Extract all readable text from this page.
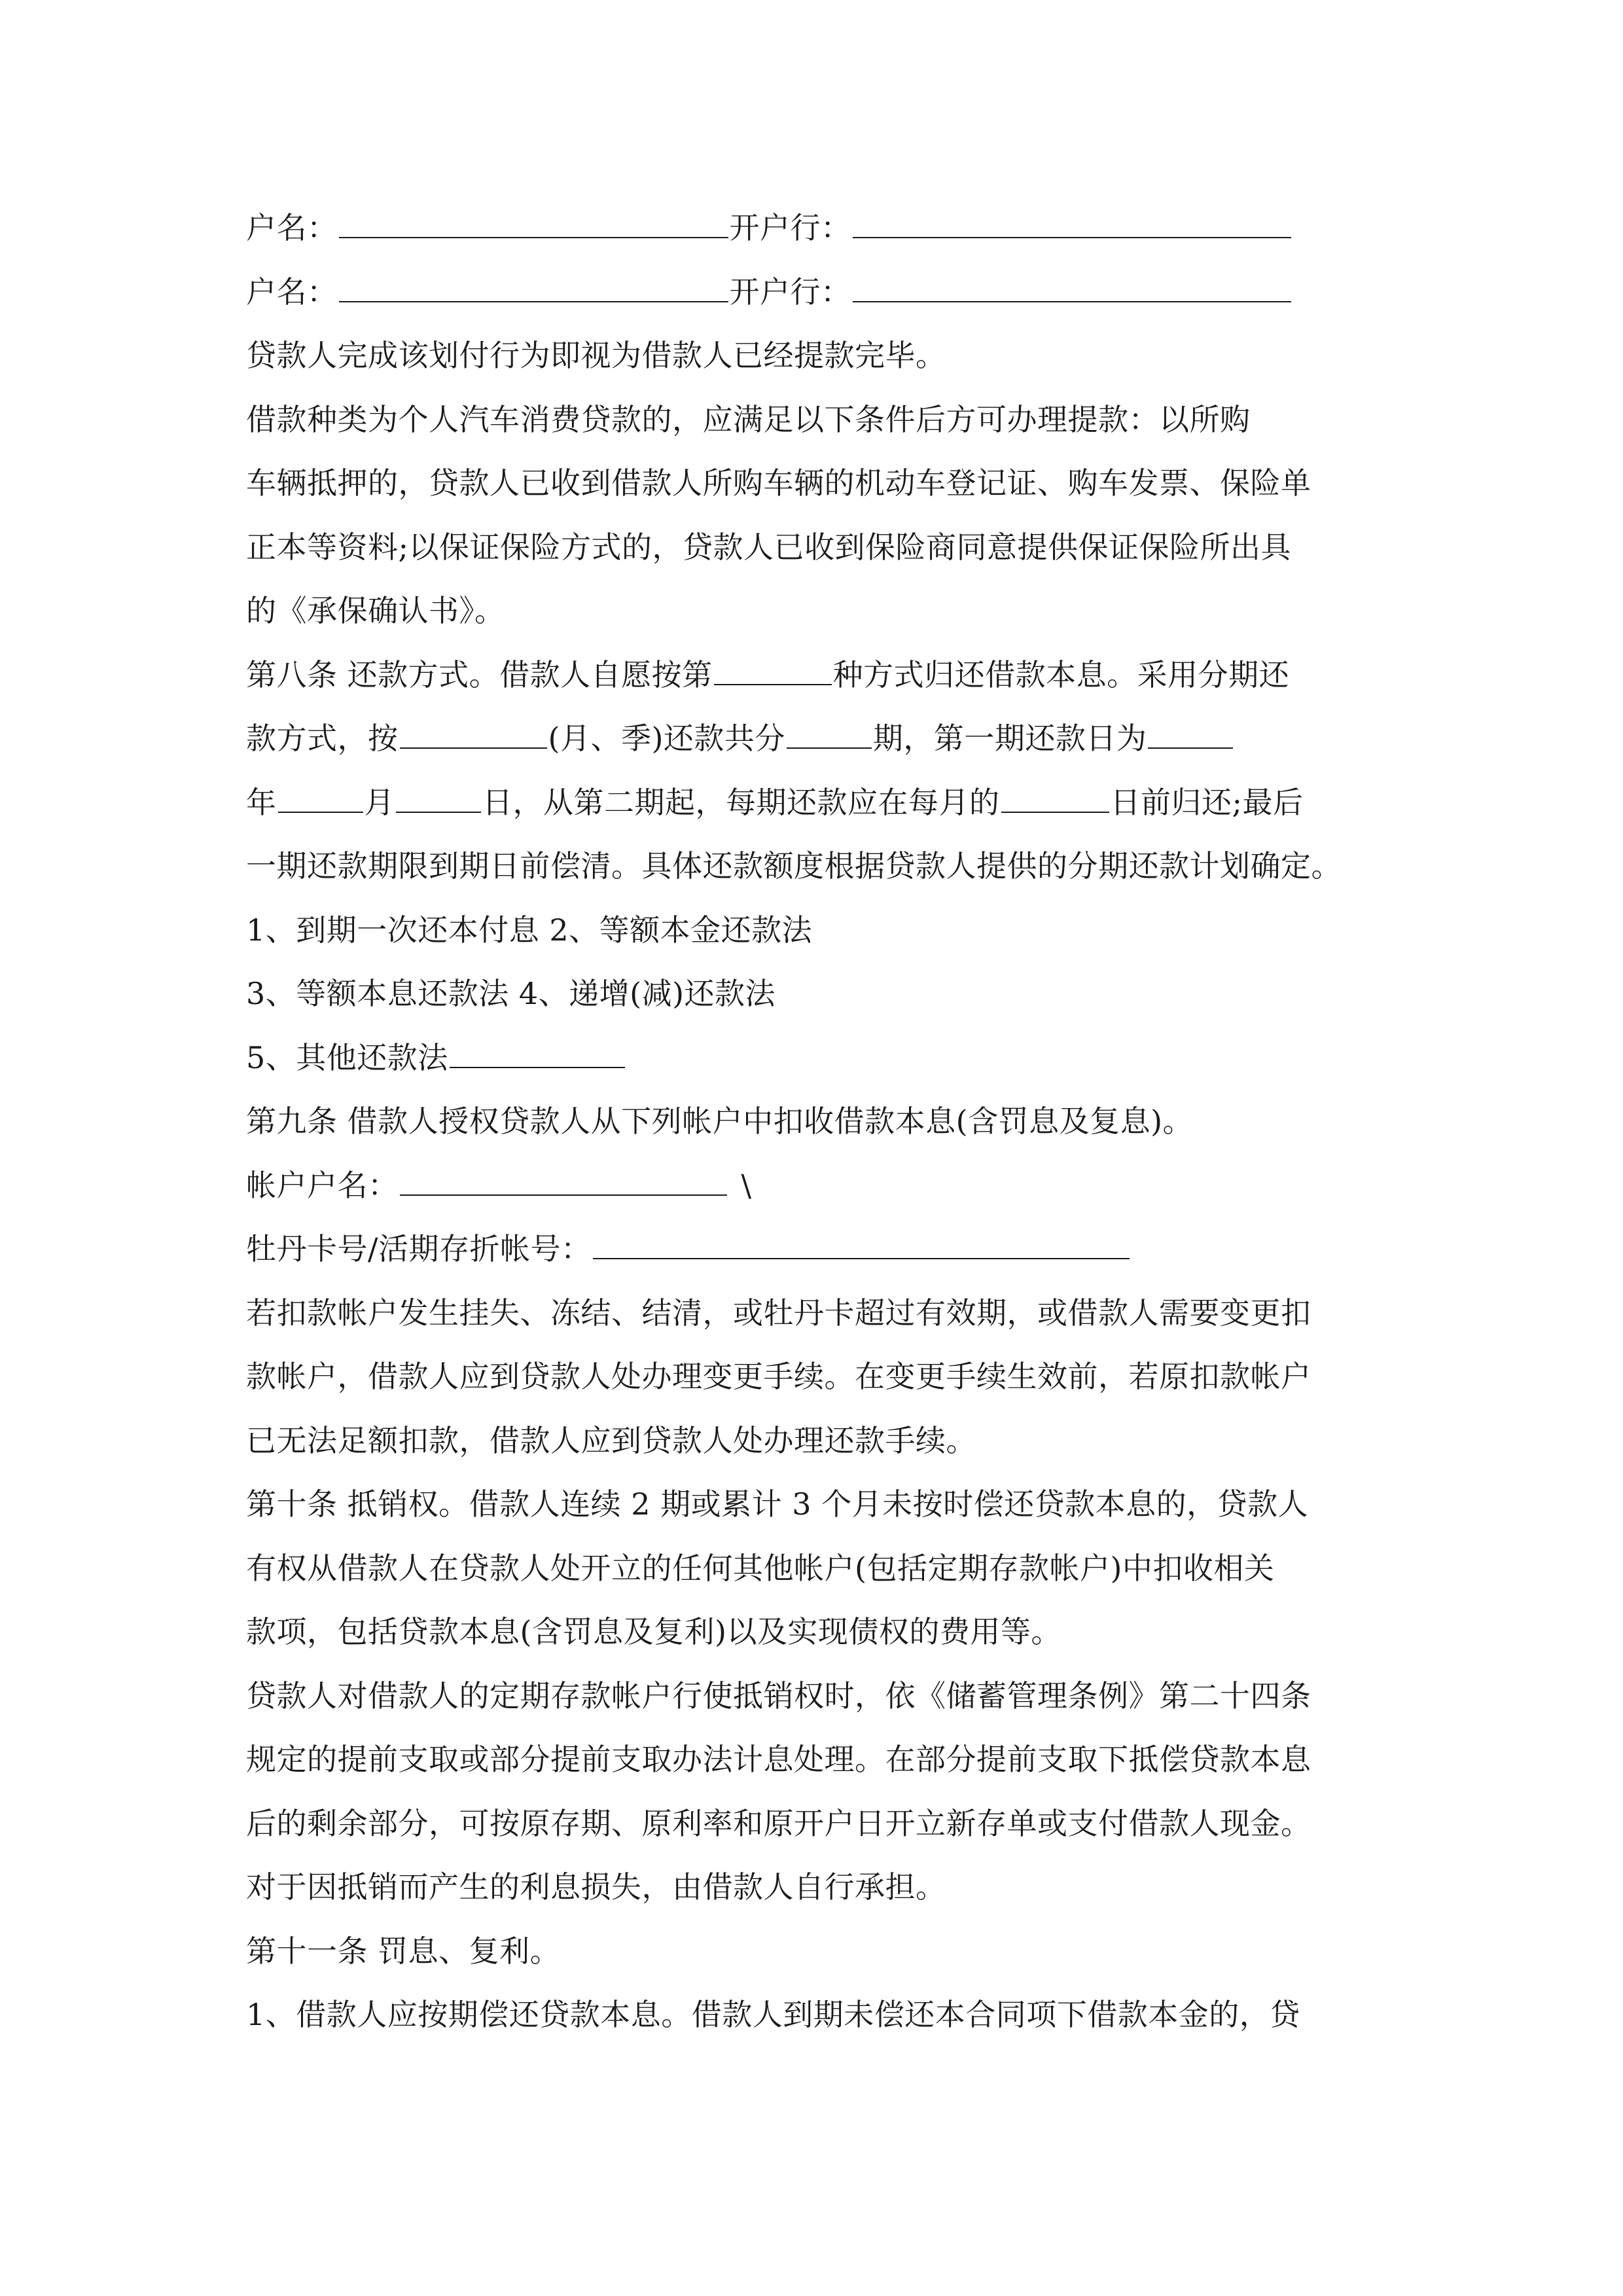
户名：	开户行：
户名：	开户行：
贷款人完成该划付行为即视为借款人已经提款完毕。
借款种类为个人汽车消费贷款的，应满足以下条件后方可办理提款：以所购
车辆抵押的，贷款人已收到借款人所购车辆的机动车登记证、购车发票、保险单
正本等资料;以保证保险方式的，贷款人已收到保险商同意提供保证保险所出具
的《承保确认书》。
第八条 还款方式。借款人自愿按第	种方式归还借款本息。采用分期还
款方式，按	(月、季)还款共分	期，第一期还款日为
年	月	日，从第二期起，每期还款应在每月的	日前归还;最后
一期还款期限到期日前偿清。具体还款额度根据贷款人提供的分期还款计划确定。
1、到期一次还本付息 2、等额本金还款法
3、等额本息还款法 4、递增(减)还款法
5、其他还款法
第九条 借款人授权贷款人从下列帐户中扣收借款本息(含罚息及复息)。
帐户户名：	\
牡丹卡号/活期存折帐号：
若扣款帐户发生挂失、冻结、结清，或牡丹卡超过有效期，或借款人需要变更扣
款帐户，借款人应到贷款人处办理变更手续。在变更手续生效前，若原扣款帐户
已无法足额扣款，借款人应到贷款人处办理还款手续。
第十条 抵销权。借款人连续 2 期或累计 3 个月未按时偿还贷款本息的，贷款人
有权从借款人在贷款人处开立的任何其他帐户(包括定期存款帐户)中扣收相关
款项，包括贷款本息(含罚息及复利)以及实现债权的费用等。
贷款人对借款人的定期存款帐户行使抵销权时，依《储蓄管理条例》第二十四条
规定的提前支取或部分提前支取办法计息处理。在部分提前支取下抵偿贷款本息
后的剩余部分，可按原存期、原利率和原开户日开立新存单或支付借款人现金。
对于因抵销而产生的利息损失，由借款人自行承担。
第十一条 罚息、复利。
1、借款人应按期偿还贷款本息。借款人到期未偿还本合同项下借款本金的，贷
